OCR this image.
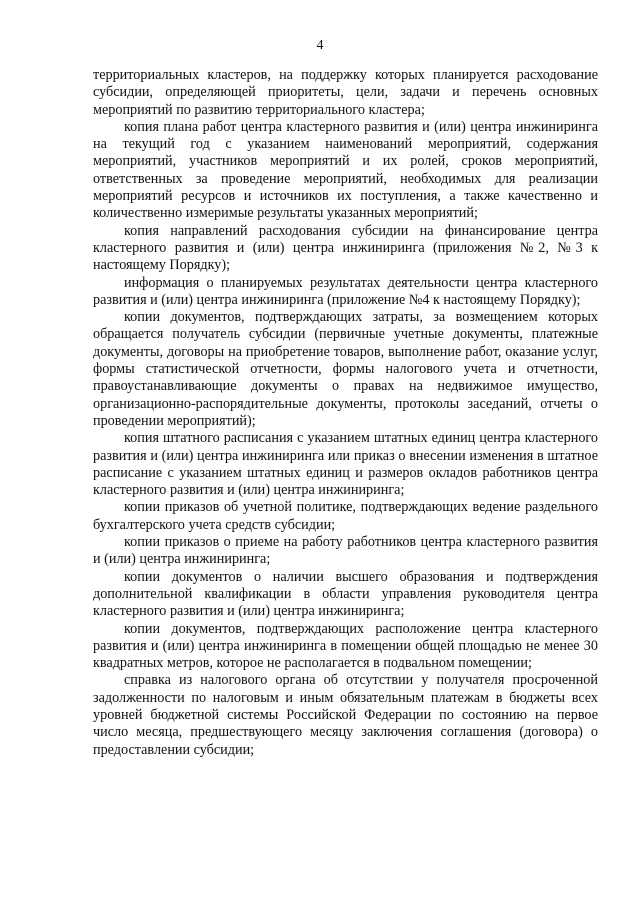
4

территориальных кластеров, на поддержку которых планируется расходование субсидии, определяющей приоритеты, цели, задачи и перечень основных мероприятий по развитию территориального кластера;

копия плана работ центра кластерного развития и (или) центра инжиниринга на текущий год с указанием наименований мероприятий, содержания мероприятий, участников мероприятий и их ролей, сроков мероприятий, ответственных за проведение мероприятий, необходимых для реализации мероприятий ресурсов и источников их поступления, а также качественно и количественно измеримые результаты указанных мероприятий;

копия направлений расходования субсидии на финансирование центра кластерного развития и (или) центра инжиниринга (приложения №2, №3 к настоящему Порядку);

информация о планируемых результатах деятельности центра кластерного развития и (или) центра инжиниринга (приложение №4 к настоящему Порядку);

копии документов, подтверждающих затраты, за возмещением которых обращается получатель субсидии (первичные учетные документы, платежные документы, договоры на приобретение товаров, выполнение работ, оказание услуг, формы статистической отчетности, формы налогового учета и отчетности, правоустанавливающие документы о правах на недвижимое имущество, организационно-распорядительные документы, протоколы заседаний, отчеты о проведении мероприятий);

копия штатного расписания с указанием штатных единиц центра кластерного развития и (или) центра инжиниринга или приказ о внесении изменения в штатное расписание с указанием штатных единиц и размеров окладов работников центра кластерного развития и (или) центра инжиниринга;

копии приказов об учетной политике, подтверждающих ведение раздельного бухгалтерского учета средств субсидии;

копии приказов о приеме на работу работников центра кластерного развития и (или) центра инжиниринга;

копии документов о наличии высшего образования и подтверждения дополнительной квалификации в области управления руководителя центра кластерного развития и (или) центра инжиниринга;

копии документов, подтверждающих расположение центра кластерного развития и (или) центра инжиниринга в помещении общей площадью не менее 30 квадратных метров, которое не располагается в подвальном помещении;

справка из налогового органа об отсутствии у получателя просроченной задолженности по налоговым и иным обязательным платежам в бюджеты всех уровней бюджетной системы Российской Федерации по состоянию на первое число месяца, предшествующего месяцу заключения соглашения (договора) о предоставлении субсидии;
